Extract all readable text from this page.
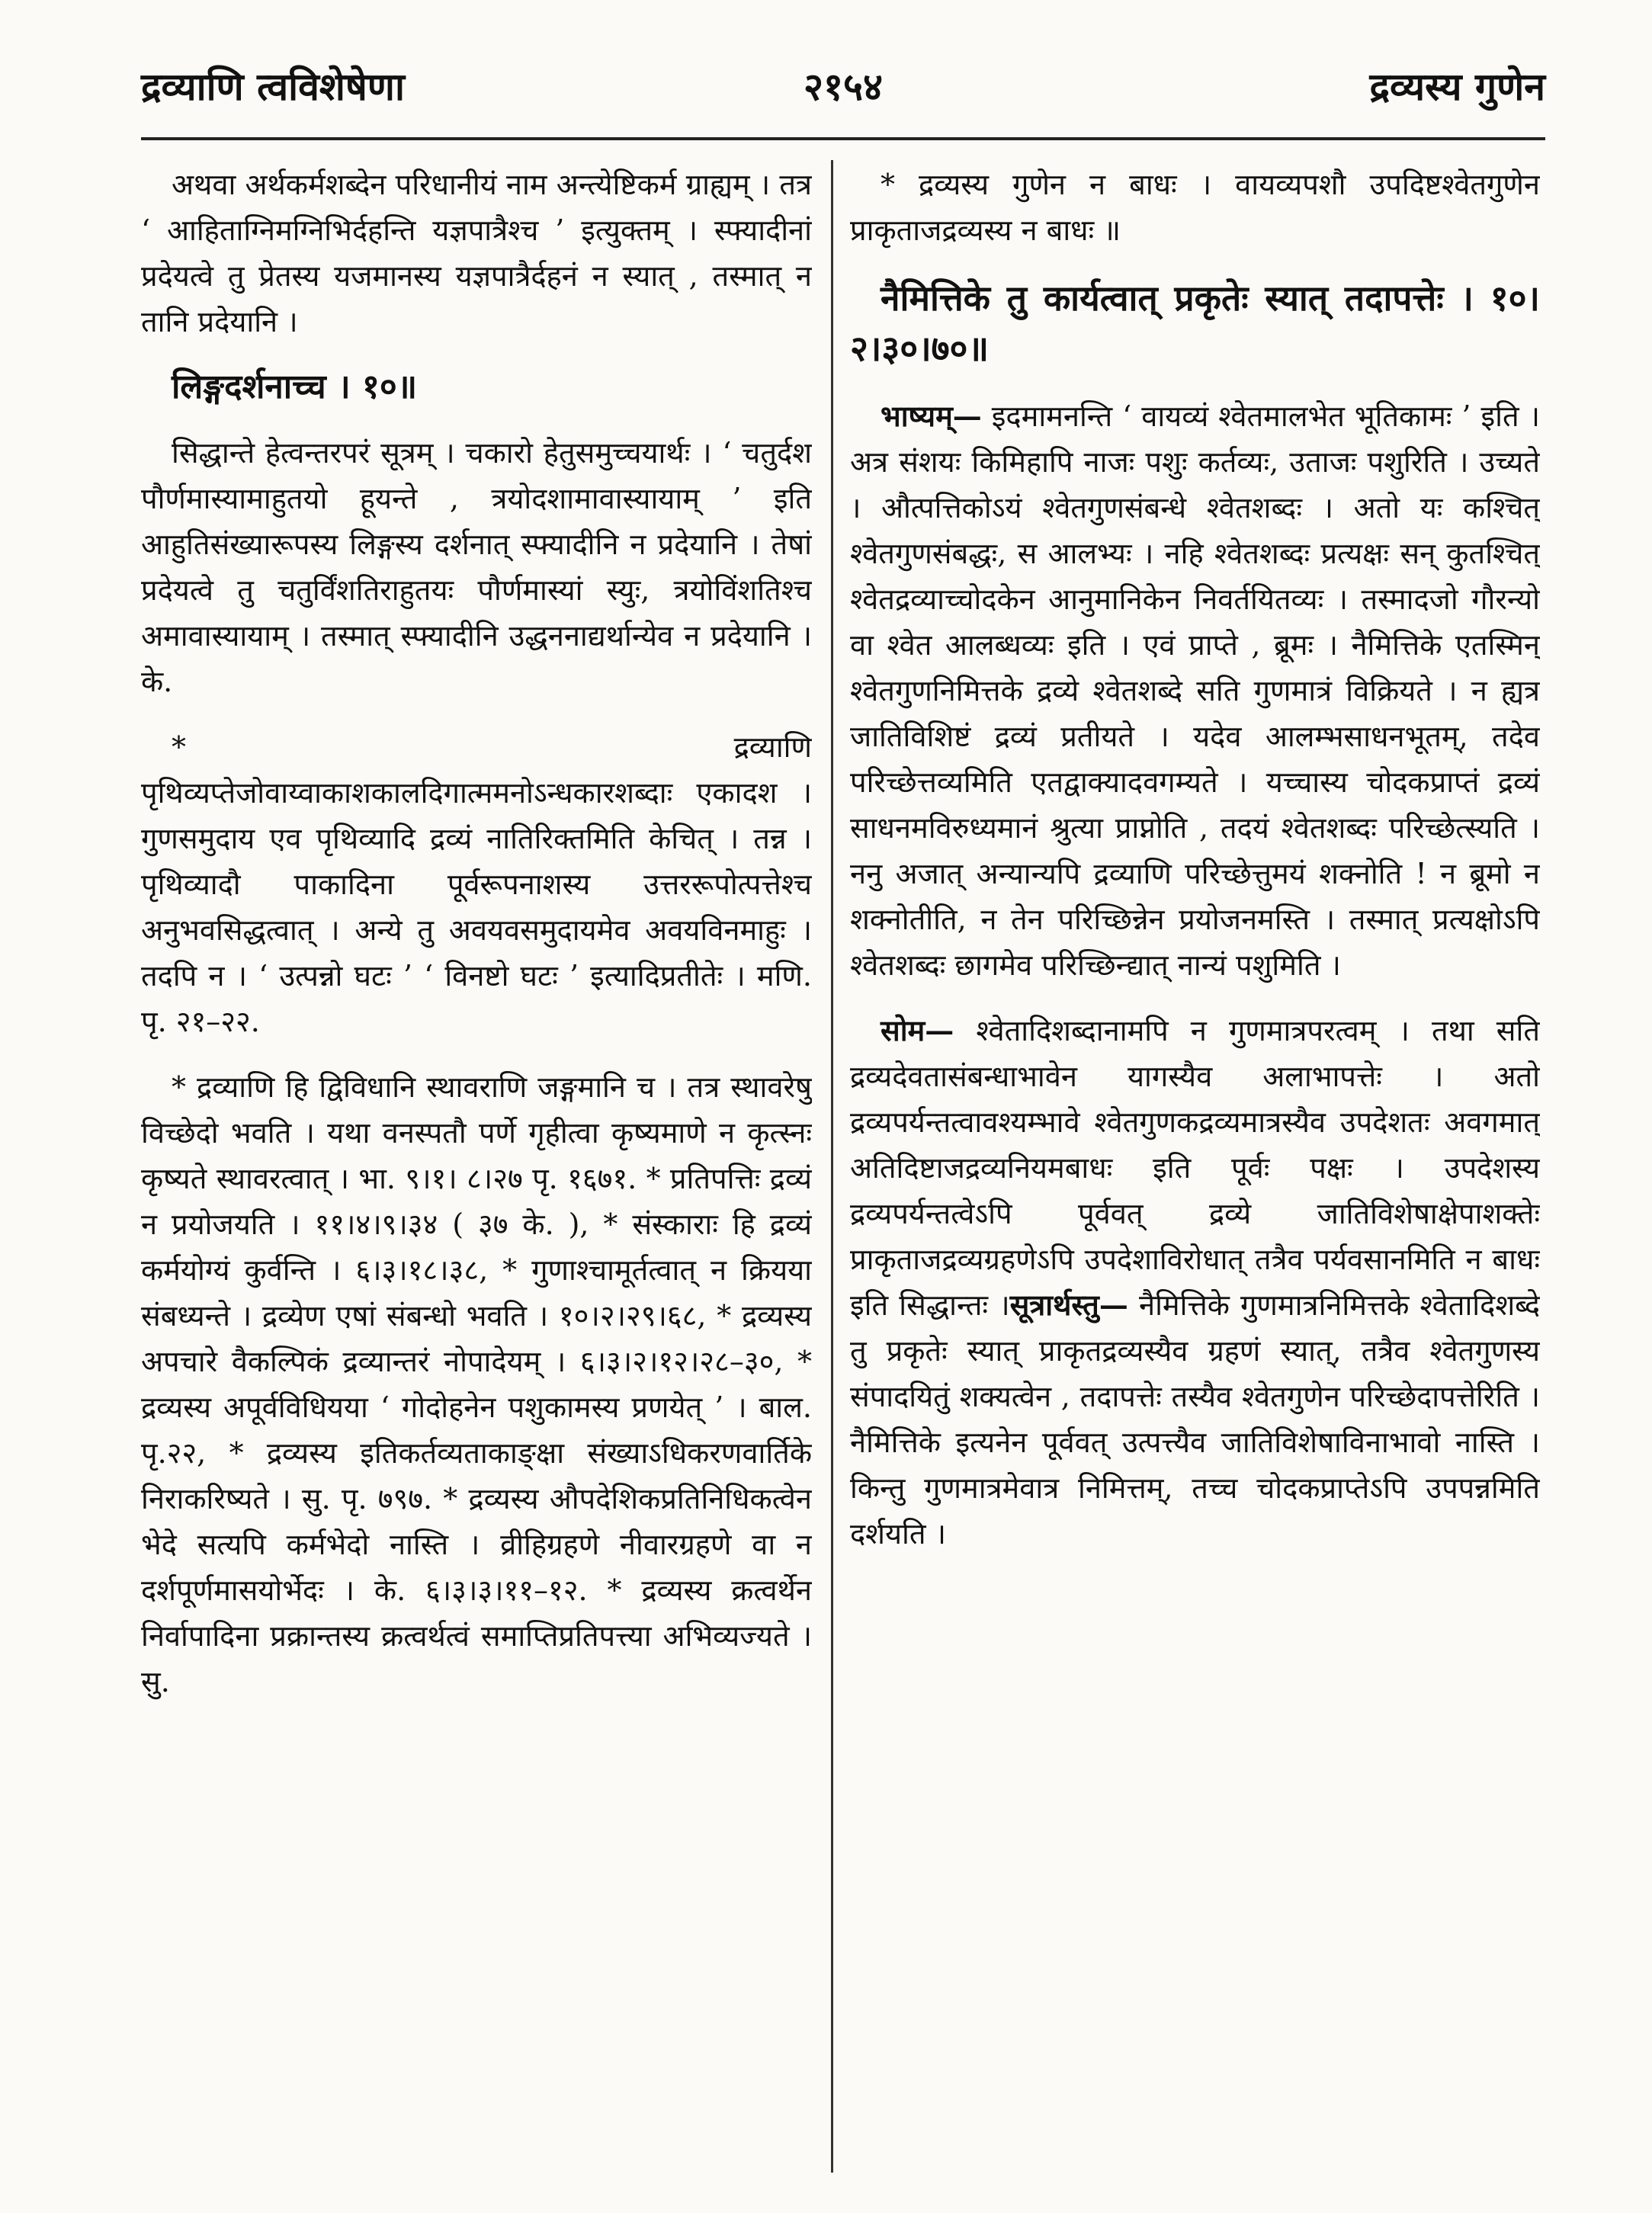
द्रव्याणि त्वविशेषेणा	२१५४	द्रव्यस्य गुणेन

अथवा अर्थकर्मशब्देन परिधानीयं नाम अन्त्येष्टिकर्म ग्राह्यम् । तत्र ‘ आहिताग्निमग्निभिर्दहन्ति यज्ञपात्रैश्च ’ इत्युक्तम् । स्फ्यादीनां प्रदेयत्वे तु प्रेतस्य यजमानस्य यज्ञपात्रैर्दहनं न स्यात् , तस्मात् न तानि प्रदेयानि ।

लिङ्गदर्शनाच्च । १०॥

सिद्धान्ते हेत्वन्तरपरं सूत्रम् । चकारो हेतुसमुच्चयार्थः । ‘ चतुर्दश पौर्णमास्यामाहुतयो हूयन्ते , त्रयोदशामावास्यायाम् ’ इति आहुतिसंख्यारूपस्य लिङ्गस्य दर्शनात् स्फ्यादीनि न प्रदेयानि । तेषां प्रदेयत्वे तु चतुर्विंशतिराहुतयः पौर्णमास्यां स्युः, त्रयोविंशतिश्च अमावास्यायाम् । तस्मात् स्फ्यादीनि उद्धननाद्यर्थान्येव न प्रदेयानि । के.

* द्रव्याणि पृथिव्यप्तेजोवाय्वाकाशकालदिगात्ममनोऽन्धकारशब्दाः एकादश । गुणसमुदाय एव पृथिव्यादि द्रव्यं नातिरिक्तमिति केचित् । तन्न । पृथिव्यादौ पाकादिना पूर्वरूपनाशस्य उत्तररूपोत्पत्तेश्च अनुभवसिद्धत्वात् । अन्ये तु अवयवसमुदायमेव अवयविनमाहुः । तदपि न । ‘ उत्पन्नो घटः ’ ‘ विनष्टो घटः ’ इत्यादिप्रतीतेः । मणि. पृ. २१–२२.

* द्रव्याणि हि द्विविधानि स्थावराणि जङ्गमानि च । तत्र स्थावरेषु विच्छेदो भवति । यथा वनस्पतौ पर्णे गृहीत्वा कृष्यमाणे न कृत्स्नः कृष्यते स्थावरत्वात् । भा. ९।१। ८।२७ पृ. १६७१. * प्रतिपत्तिः द्रव्यं न प्रयोजयति । ११।४।९।३४ ( ३७ के. ), * संस्काराः हि द्रव्यं कर्मयोग्यं कुर्वन्ति । ६।३।१८।३८, * गुणाश्चामूर्तत्वात् न क्रियया संबध्यन्ते । द्रव्येण एषां संबन्धो भवति । १०।२।२९।६८, * द्रव्यस्य अपचारे वैकल्पिकं द्रव्यान्तरं नोपादेयम् । ६।३।२।१२।२८–३०, * द्रव्यस्य अपूर्वविधियया ‘ गोदोहनेन पशुकामस्य प्रणयेत् ’ । बाल. पृ.२२, * द्रव्यस्य इतिकर्तव्यताकाङ्क्षा संख्याऽधिकरणवार्तिके निराकरिष्यते । सु. पृ. ७९७. * द्रव्यस्य औपदेशिकप्रतिनिधिकत्वेन भेदे सत्यपि कर्मभेदो नास्ति । व्रीहिग्रहणे नीवारग्रहणे वा न दर्शपूर्णमासयोर्भेदः । के. ६।३।३।११–१२. * द्रव्यस्य क्रत्वर्थेन निर्वापादिना प्रक्रान्तस्य क्रत्वर्थत्वं समाप्तिप्रतिपत्त्या अभिव्यज्यते । सु.

* द्रव्यस्य गुणेन न बाधः । वायव्यपशौ उपदिष्टश्वेतगुणेन प्राकृताजद्रव्यस्य न बाधः ॥

नैमित्तिके तु कार्यत्वात् प्रकृतेः स्यात् तदापत्तेः । १०।२।३०।७०॥

भाष्यम्— इदमामनन्ति ‘ वायव्यं श्वेतमालभेत भूतिकामः ’ इति । अत्र संशयः किमिहापि नाजः पशुः कर्तव्यः, उताजः पशुरिति । उच्यते । औत्पत्तिकोऽयं श्वेतगुणसंबन्धे श्वेतशब्दः । अतो यः कश्चित् श्वेतगुणसंबद्धः, स आलभ्यः । नहि श्वेतशब्दः प्रत्यक्षः सन् कुतश्चित् श्वेतद्रव्याच्चोदकेन आनुमानिकेन निवर्तयितव्यः । तस्मादजो गौरन्यो वा श्वेत आलब्धव्यः इति । एवं प्राप्ते , ब्रूमः । नैमित्तिके एतस्मिन् श्वेतगुणनिमित्तके द्रव्ये श्वेतशब्दे सति गुणमात्रं विक्रियते । न ह्यत्र जातिविशिष्टं द्रव्यं प्रतीयते । यदेव आलम्भसाधनभूतम्, तदेव परिच्छेत्तव्यमिति एतद्वाक्यादवगम्यते । यच्चास्य चोदकप्राप्तं द्रव्यं साधनमविरुध्यमानं श्रुत्या प्राप्नोति , तदयं श्वेतशब्दः परिच्छेत्स्यति । ननु अजात् अन्यान्यपि द्रव्याणि परिच्छेत्तुमयं शक्नोति ! न ब्रूमो न शक्नोतीति, न तेन परिच्छिन्नेन प्रयोजनमस्ति । तस्मात् प्रत्यक्षोऽपि श्वेतशब्दः छागमेव परिच्छिन्द्यात् नान्यं पशुमिति ।

सोम— श्वेतादिशब्दानामपि न गुणमात्रपरत्वम् । तथा सति द्रव्यदेवतासंबन्धाभावेन यागस्यैव अलाभापत्तेः । अतो द्रव्यपर्यन्तत्वावश्यम्भावे श्वेतगुणकद्रव्यमात्रस्यैव उपदेशतः अवगमात् अतिदिष्टाजद्रव्यनियमबाधः इति पूर्वः पक्षः । उपदेशस्य द्रव्यपर्यन्तत्वेऽपि पूर्ववत् द्रव्ये जातिविशेषाक्षेपाशक्तेः प्राकृताजद्रव्यग्रहणेऽपि उपदेशाविरोधात् तत्रैव पर्यवसानमिति न बाधः इति सिद्धान्तः ।सूत्रार्थस्तु— नैमित्तिके गुणमात्रनिमित्तके श्वेतादिशब्दे तु प्रकृतेः स्यात् प्राकृतद्रव्यस्यैव ग्रहणं स्यात्, तत्रैव श्वेतगुणस्य संपादयितुं शक्यत्वेन , तदापत्तेः तस्यैव श्वेतगुणेन परिच्छेदापत्तेरिति । नैमित्तिके इत्यनेन पूर्ववत् उत्पत्त्यैव जातिविशेषाविनाभावो नास्ति । किन्तु गुणमात्रमेवात्र निमित्तम्, तच्च चोदकप्राप्तेऽपि उपपन्नमिति दर्शयति ।
